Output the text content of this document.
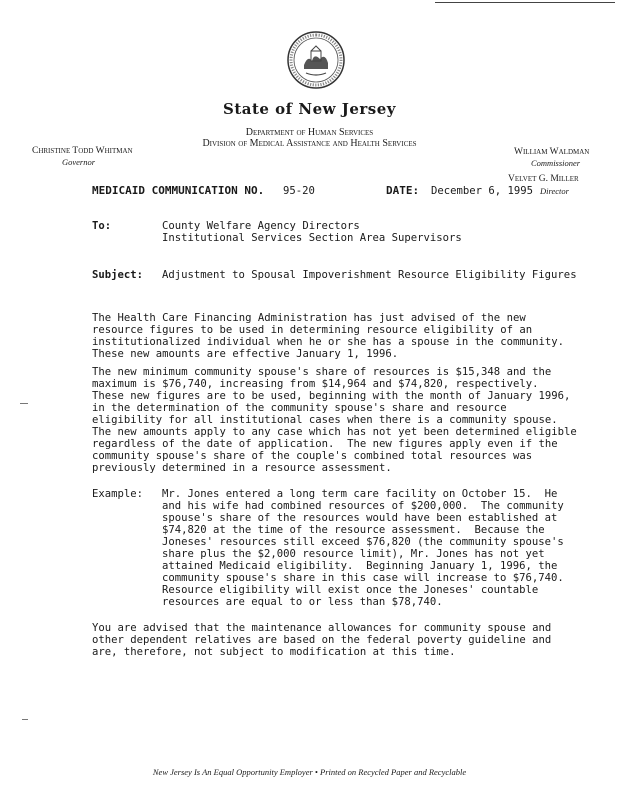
State of New Jersey
Department of Human Services
Division of Medical Assistance and Health Services
Christine Todd Whitman
Governor
William Waldman
Commissioner
Velvet G. Miller
Director
MEDICAID COMMUNICATION NO. 95-20	DATE: December 6, 1995
To:	County Welfare Agency Directors
Institutional Services Section Area Supervisors
Subject: Adjustment to Spousal Impoverishment Resource Eligibility Figures
The Health Care Financing Administration has just advised of the new
resource figures to be used in determining resource eligibility of an
institutionalized individual when he or she has a spouse in the community.
These new amounts are effective January 1, 1996.
The new minimum community spouse's share of resources is $15,348 and the
maximum is $76,740, increasing from $14,964 and $74,820, respectively.
These new figures are to be used, beginning with the month of January 1996,
in the determination of the community spouse's share and resource
eligibility for all institutional cases when there is a community spouse.
The new amounts apply to any case which has not yet been determined eligible
regardless of the date of application.  The new figures apply even if the
community spouse's share of the couple's combined total resources was
previously determined in a resource assessment.
Example: Mr. Jones entered a long term care facility on October 15.  He
and his wife had combined resources of $200,000.  The community
spouse's share of the resources would have been established at
$74,820 at the time of the resource assessment.  Because the
Joneses' resources still exceed $76,820 (the community spouse's
share plus the $2,000 resource limit), Mr. Jones has not yet
attained Medicaid eligibility.  Beginning January 1, 1996, the
community spouse's share in this case will increase to $76,740.
Resource eligibility will exist once the Joneses' countable
resources are equal to or less than $78,740.
You are advised that the maintenance allowances for community spouse and
other dependent relatives are based on the federal poverty guideline and
are, therefore, not subject to modification at this time.
New Jersey Is An Equal Opportunity Employer • Printed on Recycled Paper and Recyclable
